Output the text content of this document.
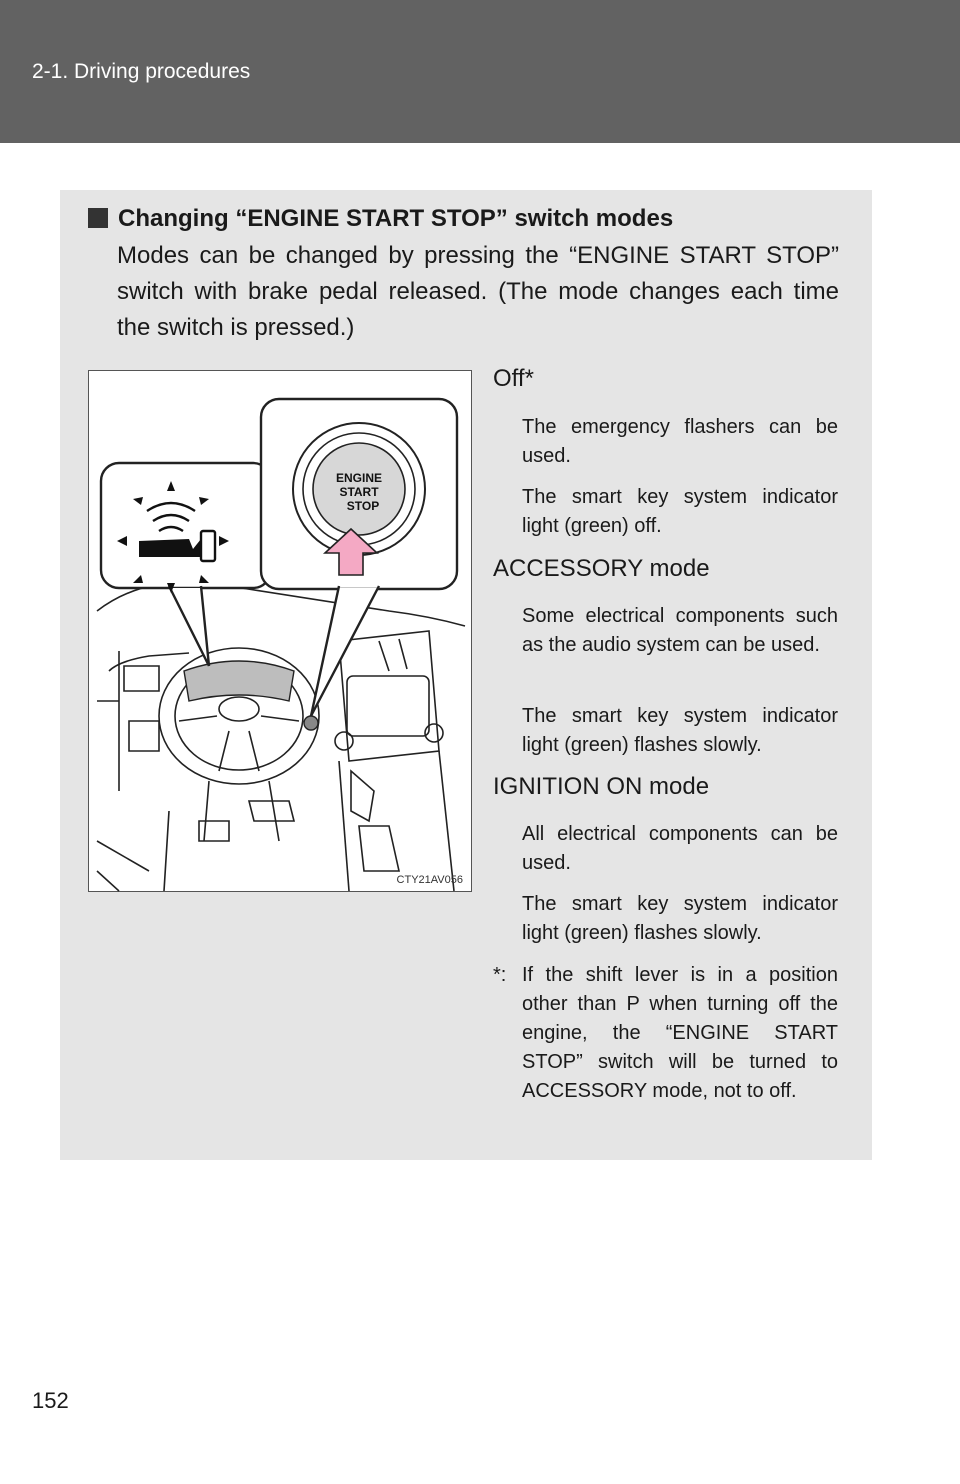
2-1. Driving procedures
Changing “ENGINE START STOP” switch modes
Modes can be changed by pressing the “ENGINE START STOP” switch with brake pedal released. (The mode changes each time the switch is pressed.)
ENGINE
START
STOP
CTY21AV056
Off*
The emergency flashers can be used.
The smart key system indicator light (green) off.
ACCESSORY mode
Some electrical components such as the audio system can be used.
The smart key system indicator light (green) flashes slowly.
IGNITION ON mode
All electrical components can be used.
The smart key system indicator light (green) flashes slowly.
*: If the shift lever is in a position other than P when turning off the engine, the “ENGINE START STOP” switch will be turned to ACCESSORY mode, not to off.
152
